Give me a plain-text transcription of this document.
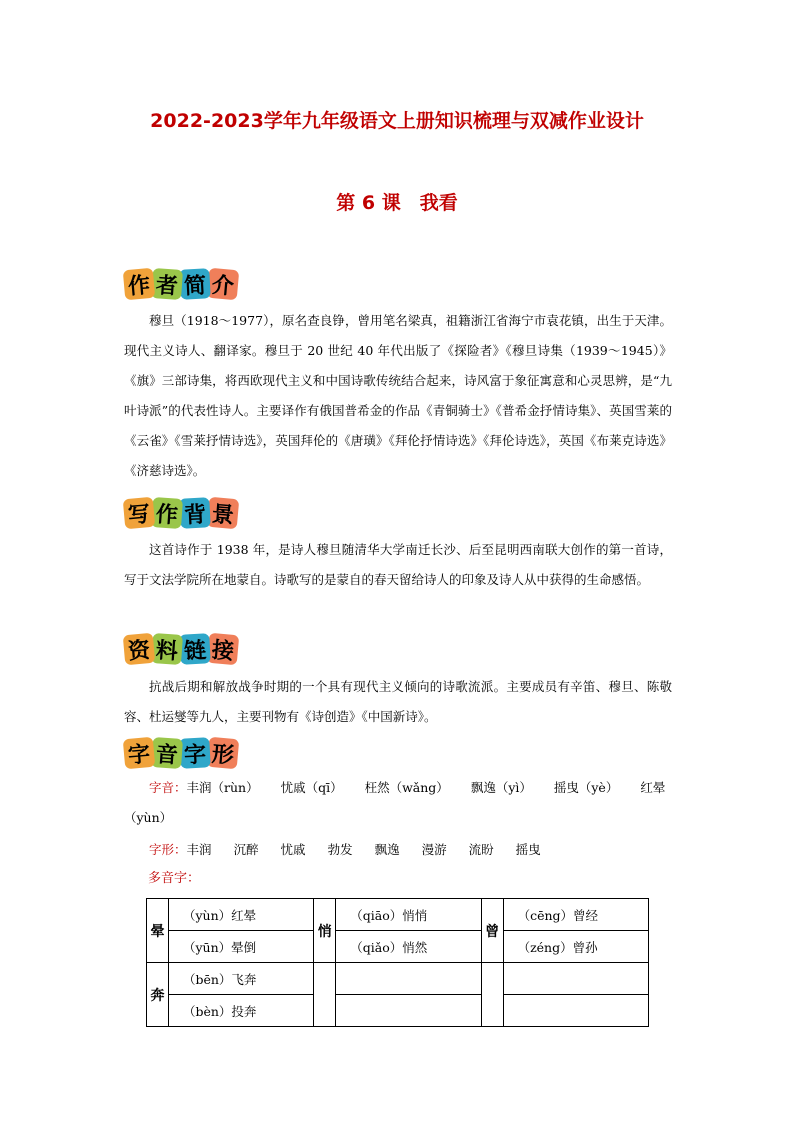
2022-2023学年九年级语文上册知识梳理与双减作业设计
第 6 课　我看
作 者 简 介

穆旦（1918～1977），原名查良铮，曾用笔名梁真，祖籍浙江省海宁市袁花镇，出生于天津。现代主义诗人、翻译家。穆旦于 20 世纪 40 年代出版了《探险者》《穆旦诗集（1939～1945）》《旗》三部诗集，将西欧现代主义和中国诗歌传统结合起来，诗风富于象征寓意和心灵思辨，是“九叶诗派”的代表性诗人。主要译作有俄国普希金的作品《青铜骑士》《普希金抒情诗集》、英国雪莱的《云雀》《雪莱抒情诗选》，英国拜伦的《唐璜》《拜伦抒情诗选》《拜伦诗选》，英国《布莱克诗选》《济慈诗选》。

写 作 背 景

这首诗作于 1938 年，是诗人穆旦随清华大学南迁长沙、后至昆明西南联大创作的第一首诗，写于文法学院所在地蒙自。诗歌写的是蒙自的春天留给诗人的印象及诗人从中获得的生命感悟。

资 料 链 接

抗战后期和解放战争时期的一个具有现代主义倾向的诗歌流派。主要成员有辛笛、穆旦、陈敬容、杜运燮等九人，主要刊物有《诗创造》《中国新诗》。

字 音 字 形

字音：丰润（rùn） 忧戚（qī） 枉然（wǎng） 飘逸（yì） 摇曳（yè） 红晕（yùn）

字形：丰润 沉醉 忧戚 勃发 飘逸 漫游 流盼 摇曳

多音字：

晕	（yùn）红晕	悄	（qiāo）悄悄	曾	（cēng）曾经
	（yūn）晕倒		（qiǎo）悄然		（zéng）曾孙
奔	（bēn）飞奔				
	（bèn）投奔				
